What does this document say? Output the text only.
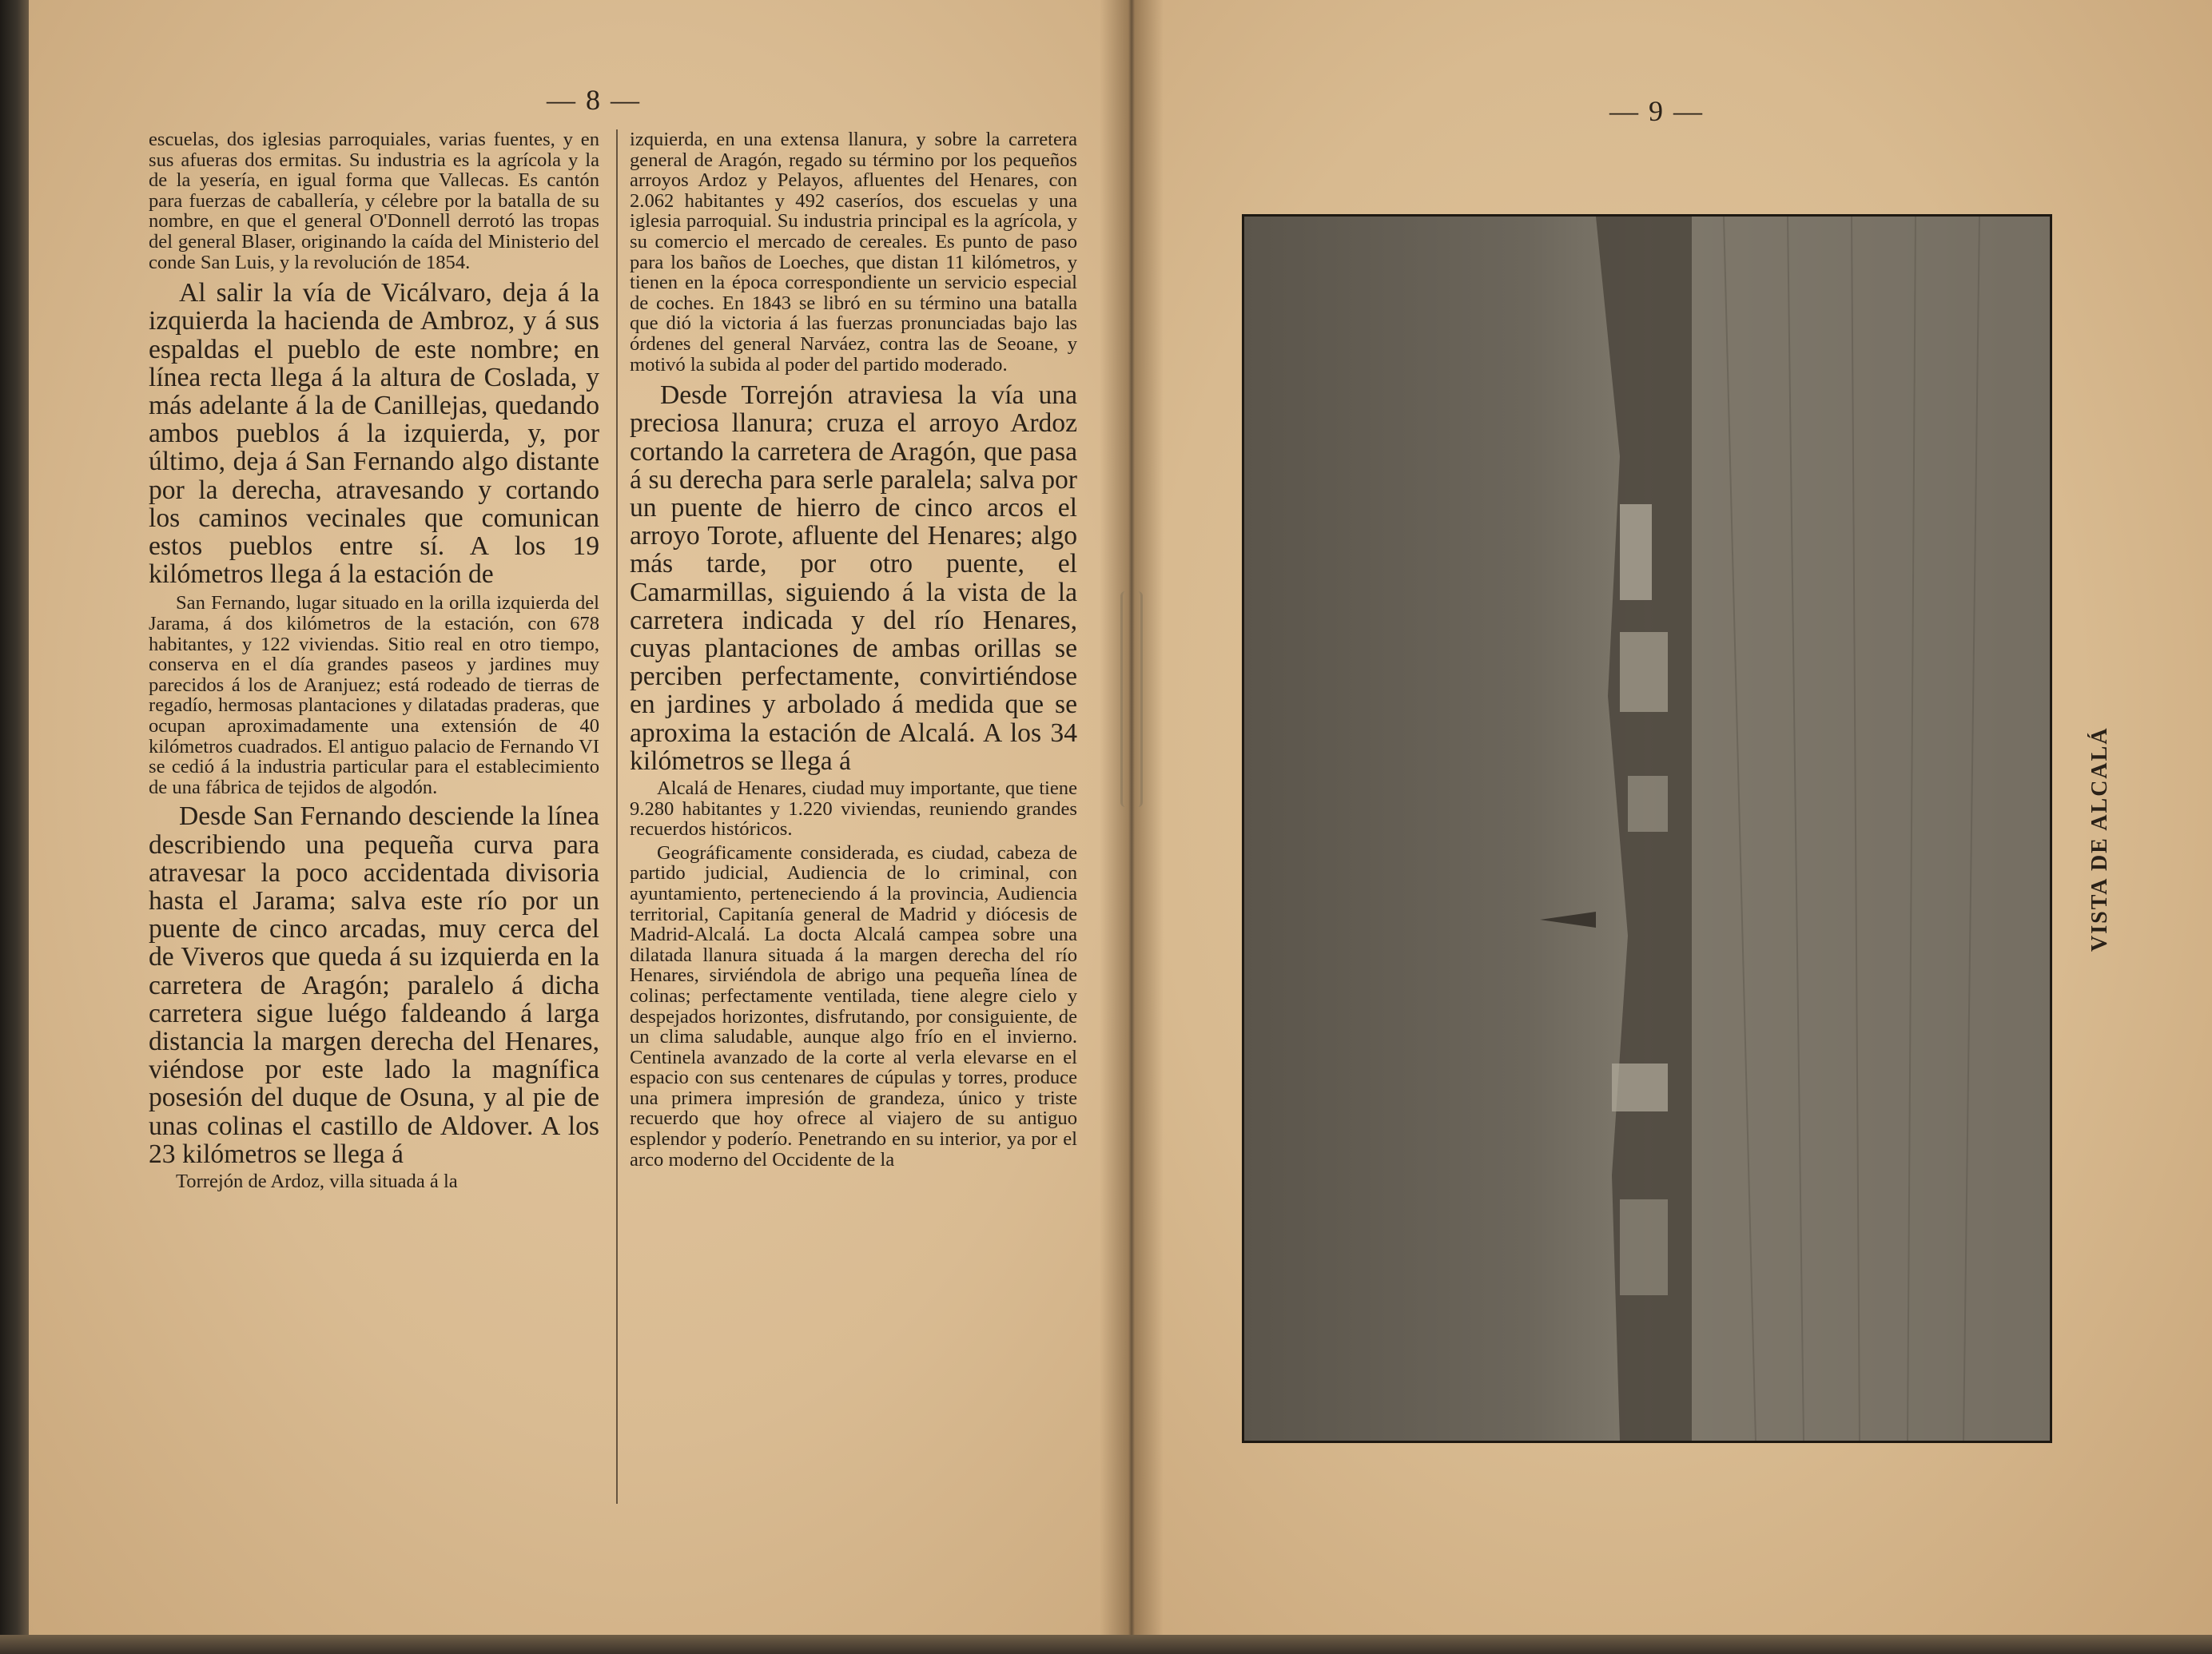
— 8 —

escuelas, dos iglesias parroquiales, varias fuentes, y en sus afueras dos ermitas. Su industria es la agrícola y la de la yesería, en igual forma que Vallecas. Es cantón para fuerzas de caballería, y célebre por la batalla de su nombre, en que el general O'Donnell derrotó las tropas del general Blaser, originando la caída del Ministerio del conde San Luis, y la revolución de 1854.

Al salir la vía de Vicálvaro, deja á la izquierda la hacienda de Ambroz, y á sus espaldas el pueblo de este nombre; en línea recta llega á la altura de Coslada, y más adelante á la de Canillejas, quedando ambos pueblos á la izquierda, y, por último, deja á San Fernando algo distante por la derecha, atravesando y cortando los caminos vecinales que comunican estos pueblos entre sí. A los 19 kilómetros llega á la estación de

San Fernando, lugar situado en la orilla izquierda del Jarama, á dos kilómetros de la estación, con 678 habitantes, y 122 viviendas. Sitio real en otro tiempo, conserva en el día grandes paseos y jardines muy parecidos á los de Aranjuez; está rodeado de tierras de regadío, hermosas plantaciones y dilatadas praderas, que ocupan aproximadamente una extensión de 40 kilómetros cuadrados. El antiguo palacio de Fernando VI se cedió á la industria particular para el establecimiento de una fábrica de tejidos de algodón.

Desde San Fernando desciende la línea describiendo una pequeña curva para atravesar la poco accidentada divisoria hasta el Jarama; salva este río por un puente de cinco arcadas, muy cerca del de Viveros que queda á su izquierda en la carretera de Aragón; paralelo á dicha carretera sigue luégo faldeando á larga distancia la margen derecha del Henares, viéndose por este lado la magnífica posesión del duque de Osuna, y al pie de unas colinas el castillo de Aldover. A los 23 kilómetros se llega á

Torrejón de Ardoz, villa situada á la

izquierda, en una extensa llanura, y sobre la carretera general de Aragón, regado su término por los pequeños arroyos Ardoz y Pelayos, afluentes del Henares, con 2.062 habitantes y 492 caseríos, dos escuelas y una iglesia parroquial. Su industria principal es la agrícola, y su comercio el mercado de cereales. Es punto de paso para los baños de Loeches, que distan 11 kilómetros, y tienen en la época correspondiente un servicio especial de coches. En 1843 se libró en su término una batalla que dió la victoria á las fuerzas pronunciadas bajo las órdenes del general Narváez, contra las de Seoane, y motivó la subida al poder del partido moderado.

Desde Torrejón atraviesa la vía una preciosa llanura; cruza el arroyo Ardoz cortando la carretera de Aragón, que pasa á su derecha para serle paralela; salva por un puente de hierro de cinco arcos el arroyo Torote, afluente del Henares; algo más tarde, por otro puente, el Camarmillas, siguiendo á la vista de la carretera indicada y del río Henares, cuyas plantaciones de ambas orillas se perciben perfectamente, convirtiéndose en jardines y arbolado á medida que se aproxima la estación de Alcalá. A los 34 kilómetros se llega á

Alcalá de Henares, ciudad muy importante, que tiene 9.280 habitantes y 1.220 viviendas, reuniendo grandes recuerdos históricos.

Geográficamente considerada, es ciudad, cabeza de partido judicial, Audiencia de lo criminal, con ayuntamiento, perteneciendo á la provincia, Audiencia territorial, Capitanía general de Madrid y diócesis de Madrid-Alcalá. La docta Alcalá campea sobre una dilatada llanura situada á la margen derecha del río Henares, sirviéndola de abrigo una pequeña línea de colinas; perfectamente ventilada, tiene alegre cielo y despejados horizontes, disfrutando, por consiguiente, de un clima saludable, aunque algo frío en el invierno. Centinela avanzado de la corte al verla elevarse en el espacio con sus centenares de cúpulas y torres, produce una primera impresión de grandeza, único y triste recuerdo que hoy ofrece al viajero de su antiguo esplendor y poderío. Penetrando en su interior, ya por el arco moderno del Occidente de la

— 9 —
VISTA DE ALCALÁ
